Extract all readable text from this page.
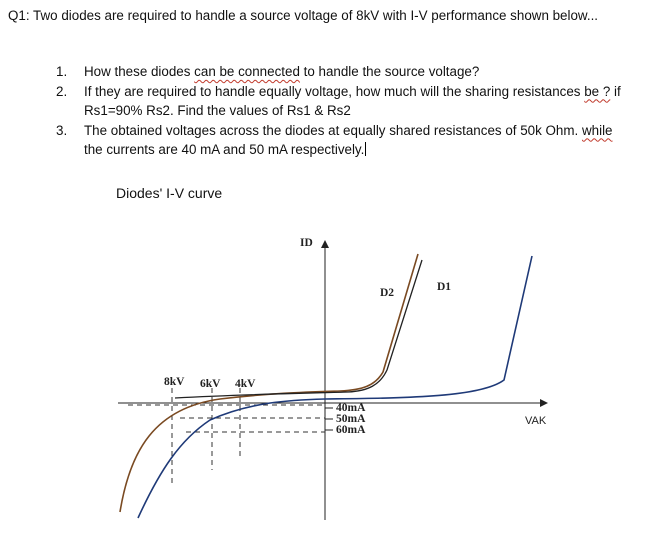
Q1: Two diodes are required to handle a source voltage of 8kV with I-V performance shown below...
1. How these diodes can be connected to handle the source voltage?
2. If they are required to handle equally voltage, how much will the sharing resistances be ? if Rs1=90% Rs2. Find the values of Rs1 & Rs2
3. The obtained voltages across the diodes at equally shared resistances of 50k Ohm. while the currents are 40 mA and 50 mA respectively.
Diodes' I-V curve
ID
VAK
D1
D2
8kV 6kV 4kV
40mA
50mA
60mA
